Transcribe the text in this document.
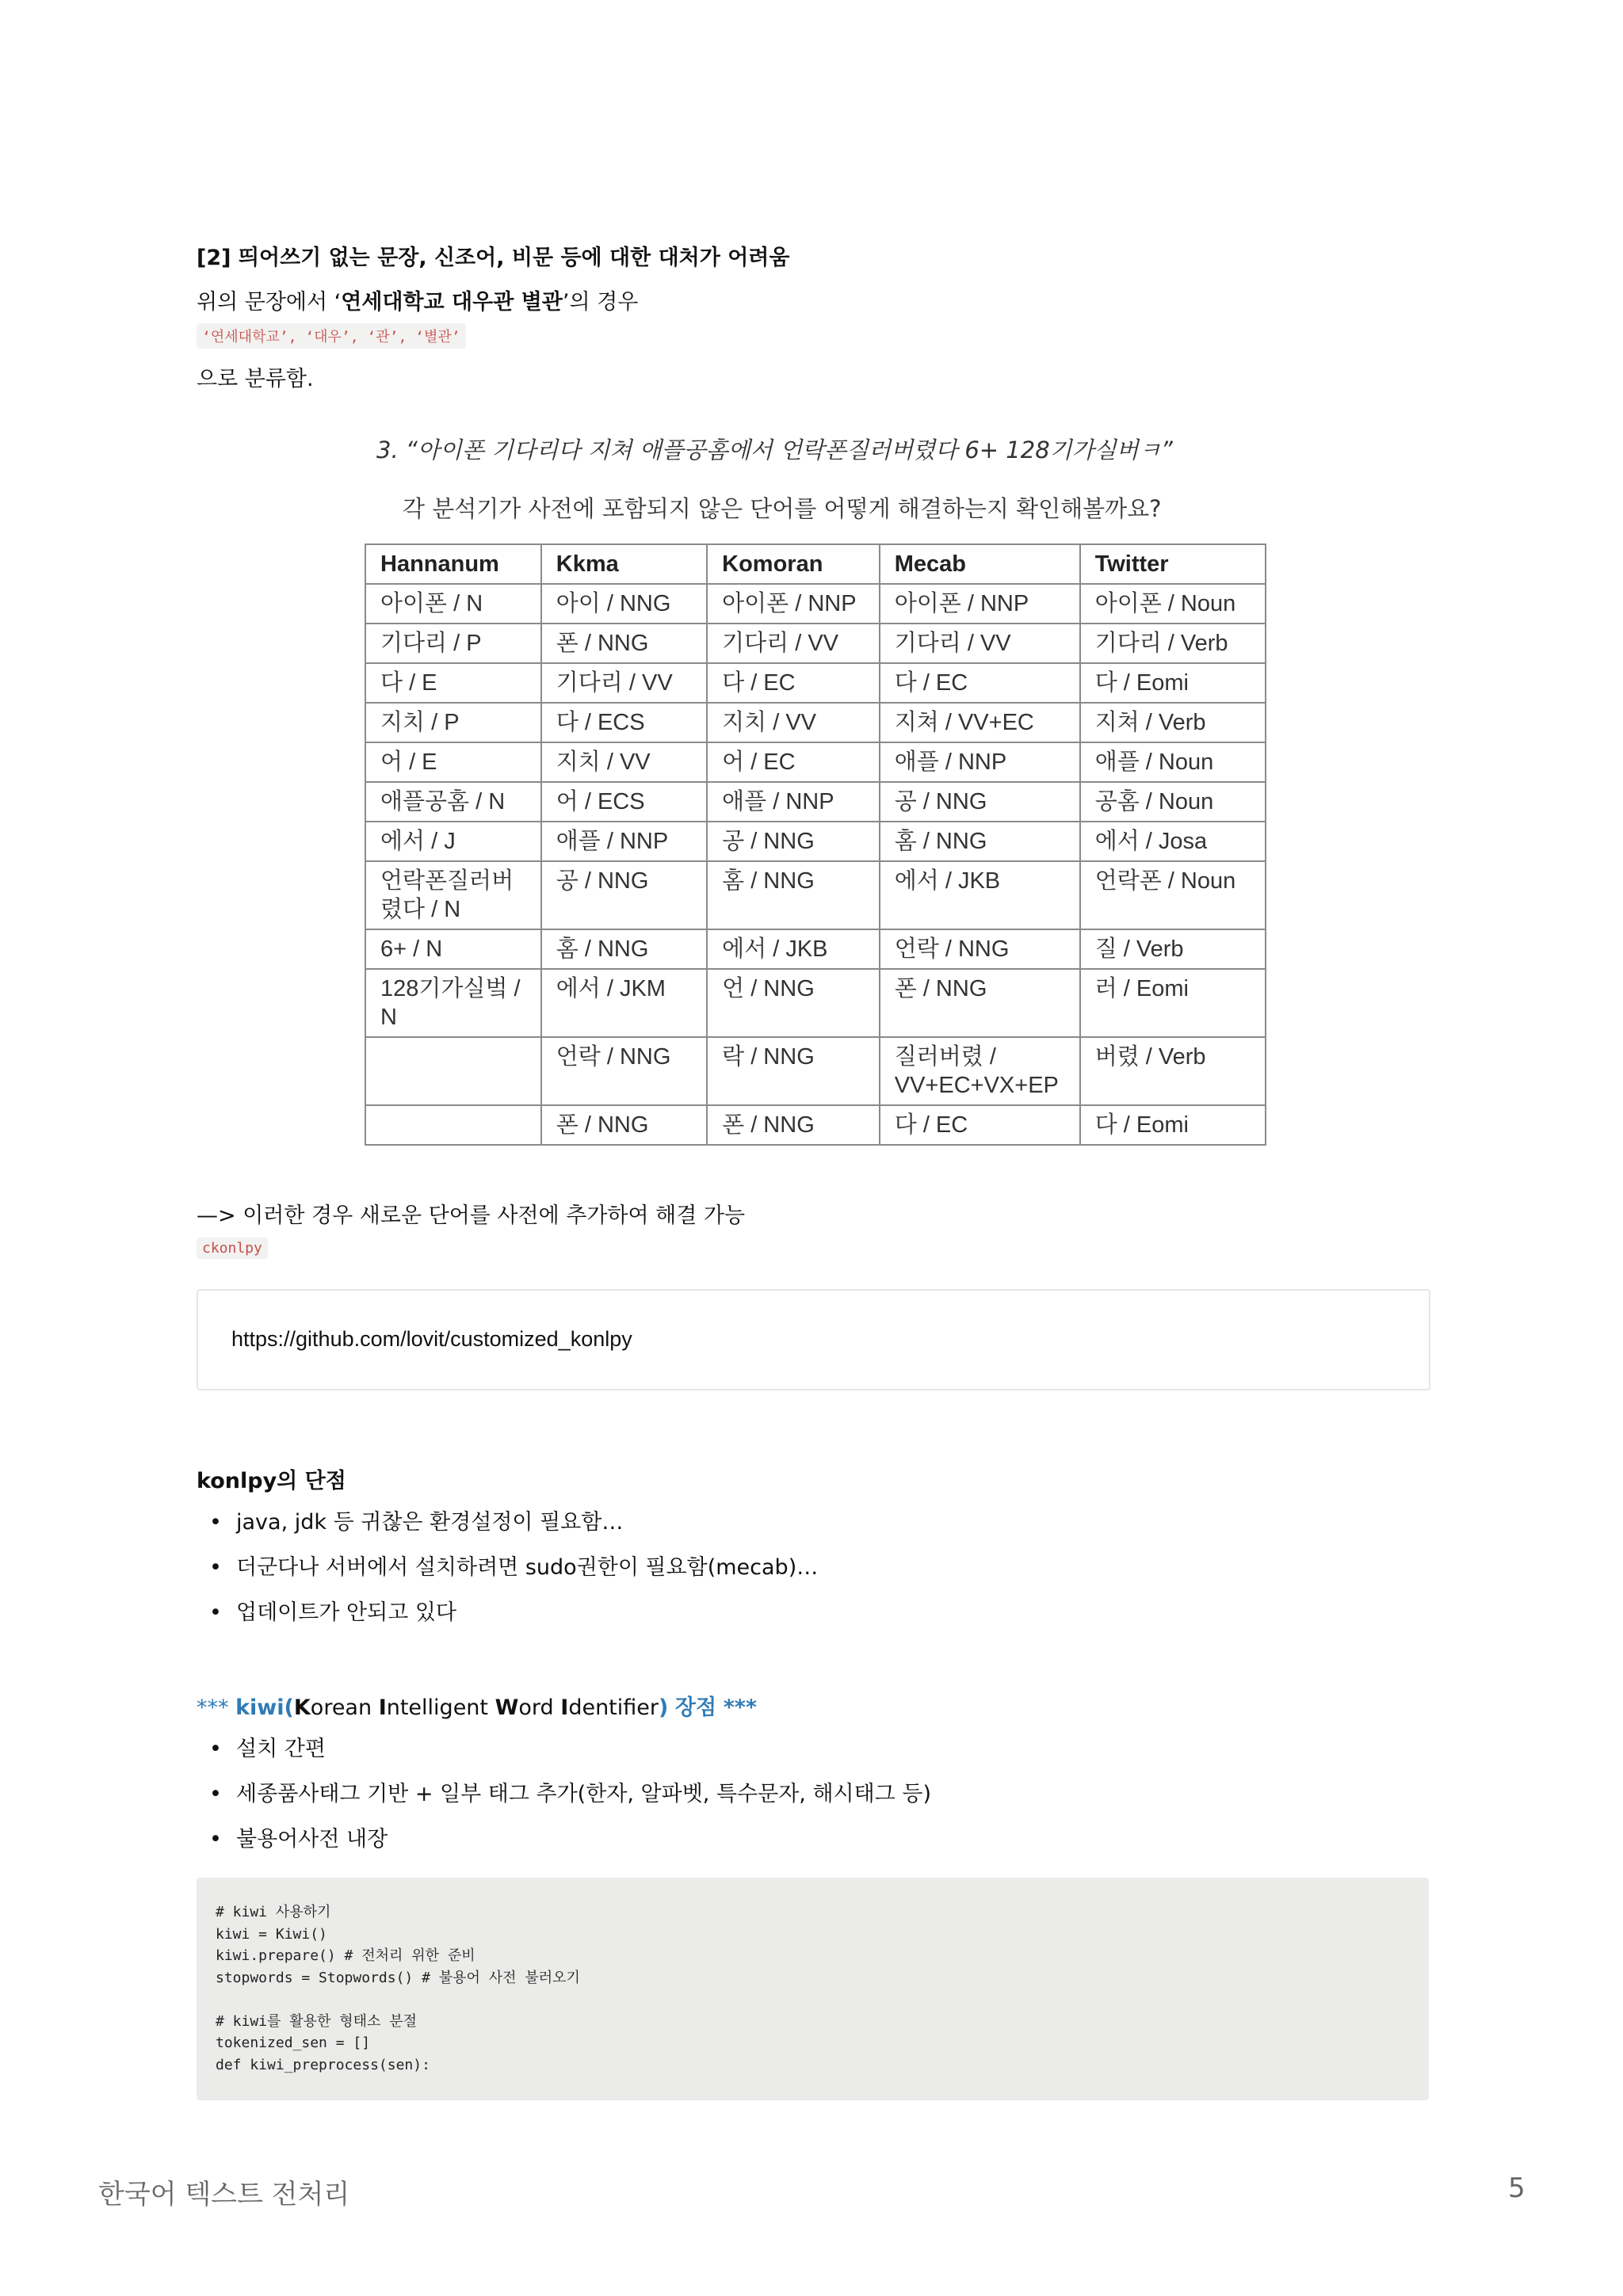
[2] 띄어쓰기 없는 문장, 신조어, 비문 등에 대한 대처가 어려움
위의 문장에서 ‘연세대학교 대우관 별관’의 경우
‘연세대학교’, ‘대우’, ‘관’, ‘별관’
으로 분류함.
3. “아이폰 기다리다 지쳐 애플공홈에서 언락폰질러버렸다 6+ 128기가실버ㅋ”
각 분석기가 사전에 포함되지 않은 단어를 어떻게 해결하는지 확인해볼까요?
Hannanum	Kkma	Komoran	Mecab	Twitter
아이폰 / N	아이 / NNG	아이폰 / NNP	아이폰 / NNP	아이폰 / Noun
기다리 / P	폰 / NNG	기다리 / VV	기다리 / VV	기다리 / Verb
다 / E	기다리 / VV	다 / EC	다 / EC	다 / Eomi
지치 / P	다 / ECS	지치 / VV	지쳐 / VV+EC	지쳐 / Verb
어 / E	지치 / VV	어 / EC	애플 / NNP	애플 / Noun
애플공홈 / N	어 / ECS	애플 / NNP	공 / NNG	공홈 / Noun
에서 / J	애플 / NNP	공 / NNG	홈 / NNG	에서 / Josa
언락폰질러버렸다 / N	공 / NNG	홈 / NNG	에서 / JKB	언락폰 / Noun
6+ / N	홈 / NNG	에서 / JKB	언락 / NNG	질 / Verb
128기가실벜 / N	에서 / JKM	언 / NNG	폰 / NNG	러 / Eomi
	언락 / NNG	락 / NNG	질러버렸 / VV+EC+VX+EP	버렸 / Verb
	폰 / NNG	폰 / NNG	다 / EC	다 / Eomi
—> 이러한 경우 새로운 단어를 사전에 추가하여 해결 가능
ckonlpy
https://github.com/lovit/customized_konlpy
konlpy의 단점
• java, jdk 등 귀찮은 환경설정이 필요함…
• 더군다나 서버에서 설치하려면 sudo권한이 필요함(mecab)…
• 업데이트가 안되고 있다
*** kiwi(Korean Intelligent Word Identifier) 장점 ***
• 설치 간편
• 세종품사태그 기반 + 일부 태그 추가(한자, 알파벳, 특수문자, 해시태그 등)
• 불용어사전 내장
# kiwi 사용하기
kiwi = Kiwi()
kiwi.prepare() # 전처리 위한 준비
stopwords = Stopwords() # 불용어 사전 불러오기

# kiwi를 활용한 형태소 분절
tokenized_sen = []
def kiwi_preprocess(sen):
한국어 텍스트 전처리	5
